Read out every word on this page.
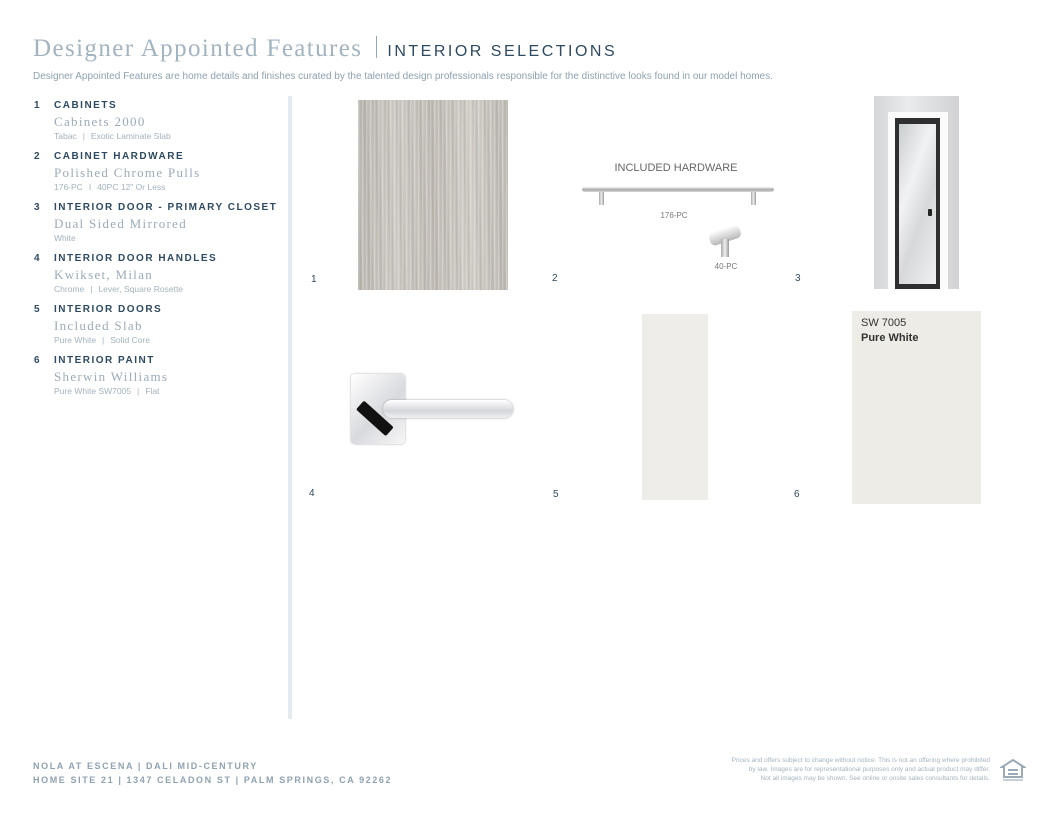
Designer Appointed Features INTERIOR SELECTIONS
Designer Appointed Features are home details and finishes curated by the talented design professionals responsible for the distinctive looks found in our model homes.
1 CABINETS
Cabinets 2000
Tabac | Exotic Laminate Slab
2 CABINET HARDWARE
Polished Chrome Pulls
176-PC I 40PC 12" Or Less
3 INTERIOR DOOR - PRIMARY CLOSET
Dual Sided Mirrored
White
4 INTERIOR DOOR HANDLES
Kwikset, Milan
Chrome | Lever, Square Rosette
5 INTERIOR DOORS
Included Slab
Pure White | Solid Core
6 INTERIOR PAINT
Sherwin Williams
Pure White SW7005 | Flat
1	2
INCLUDED HARDWARE
176-PC
40-PC
3
4	5	6
SW 7005
Pure White
NOLA AT ESCENA | DALI MID-CENTURY
HOME SITE 21 | 1347 CELADON ST | PALM SPRINGS, CA 92262
Prices and offers subject to change without notice. This is not an offering where prohibited
by law. Images are for representational purposes only and actual product may differ.
Not all images may be shown. See online or onsite sales consultants for details.
